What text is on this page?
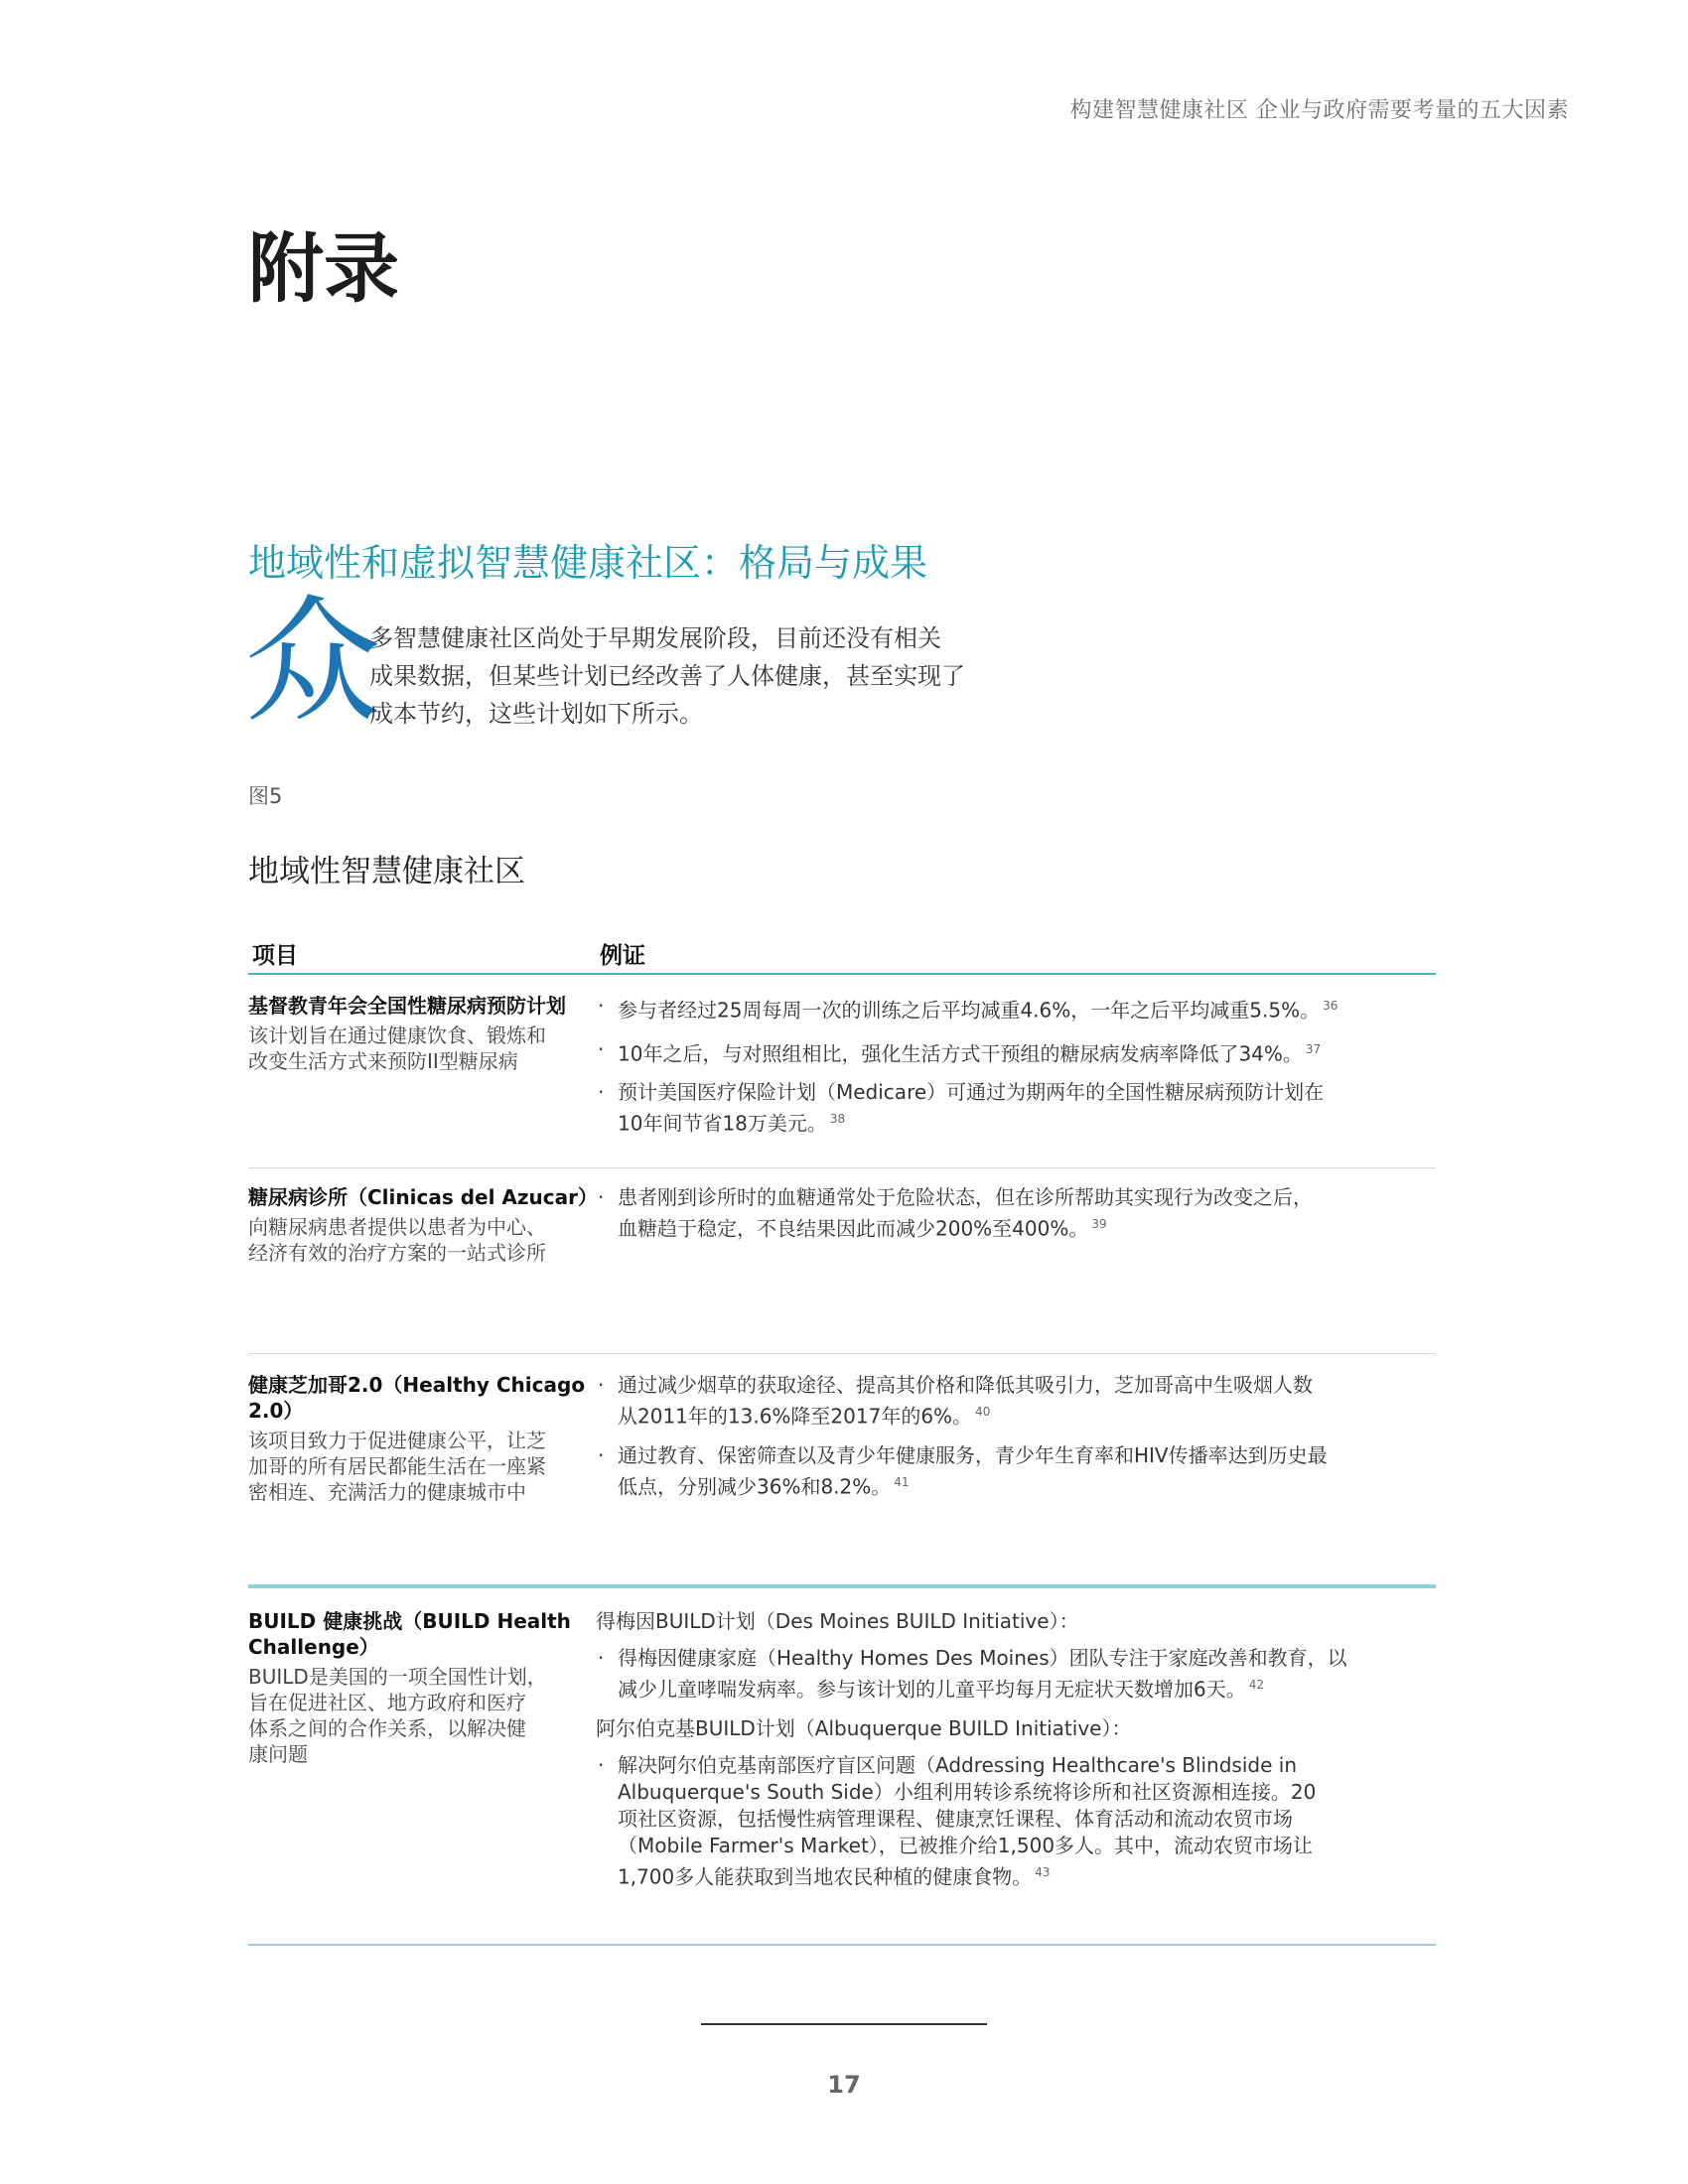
构建智慧健康社区 企业与政府需要考量的五大因素
附录
地域性和虚拟智慧健康社区：格局与成果
众
多智慧健康社区尚处于早期发展阶段，目前还没有相关
成果数据，但某些计划已经改善了人体健康，甚至实现了
成本节约，这些计划如下所示。
图5
地域性智慧健康社区
项目	例证
基督教青年会全国性糖尿病预防计划
该计划旨在通过健康饮食、锻炼和
改变生活方式来预防II型糖尿病
· 参与者经过25周每周一次的训练之后平均减重4.6%，一年之后平均减重5.5%。 $^{36}$
· 10年之后，与对照组相比，强化生活方式干预组的糖尿病发病率降低了34%。 $^{37}$
· 预计美国医疗保险计划（Medicare）可通过为期两年的全国性糖尿病预防计划在
10年间节省18万美元。 $^{38}$
糖尿病诊所（Clinicas del Azucar）
向糖尿病患者提供以患者为中心、
经济有效的治疗方案的一站式诊所
· 患者刚到诊所时的血糖通常处于危险状态，但在诊所帮助其实现行为改变之后，
血糖趋于稳定，不良结果因此而减少200%至400%。 $^{39}$
健康芝加哥2.0（Healthy Chicago
2.0）
该项目致力于促进健康公平，让芝
加哥的所有居民都能生活在一座紧
密相连、充满活力的健康城市中
· 通过减少烟草的获取途径、提高其价格和降低其吸引力，芝加哥高中生吸烟人数
从2011年的13.6%降至2017年的6%。 $^{40}$
· 通过教育、保密筛查以及青少年健康服务，青少年生育率和HIV传播率达到历史最
低点，分别减少36%和8.2%。 $^{41}$
BUILD 健康挑战（BUILD Health
Challenge）
BUILD是美国的一项全国性计划，
旨在促进社区、地方政府和医疗
体系之间的合作关系，以解决健
康问题
得梅因BUILD计划（Des Moines BUILD Initiative）：
· 得梅因健康家庭（Healthy Homes Des Moines）团队专注于家庭改善和教育，以
减少儿童哮喘发病率。参与该计划的儿童平均每月无症状天数增加6天。 $^{42}$
阿尔伯克基BUILD计划（Albuquerque BUILD Initiative）：
· 解决阿尔伯克基南部医疗盲区问题（Addressing Healthcare's Blindside in
Albuquerque's South Side）小组利用转诊系统将诊所和社区资源相连接。20
项社区资源，包括慢性病管理课程、健康烹饪课程、体育活动和流动农贸市场
（Mobile Farmer's Market），已被推介给1,500多人。其中，流动农贸市场让
1,700多人能获取到当地农民种植的健康食物。 $^{43}$
17
